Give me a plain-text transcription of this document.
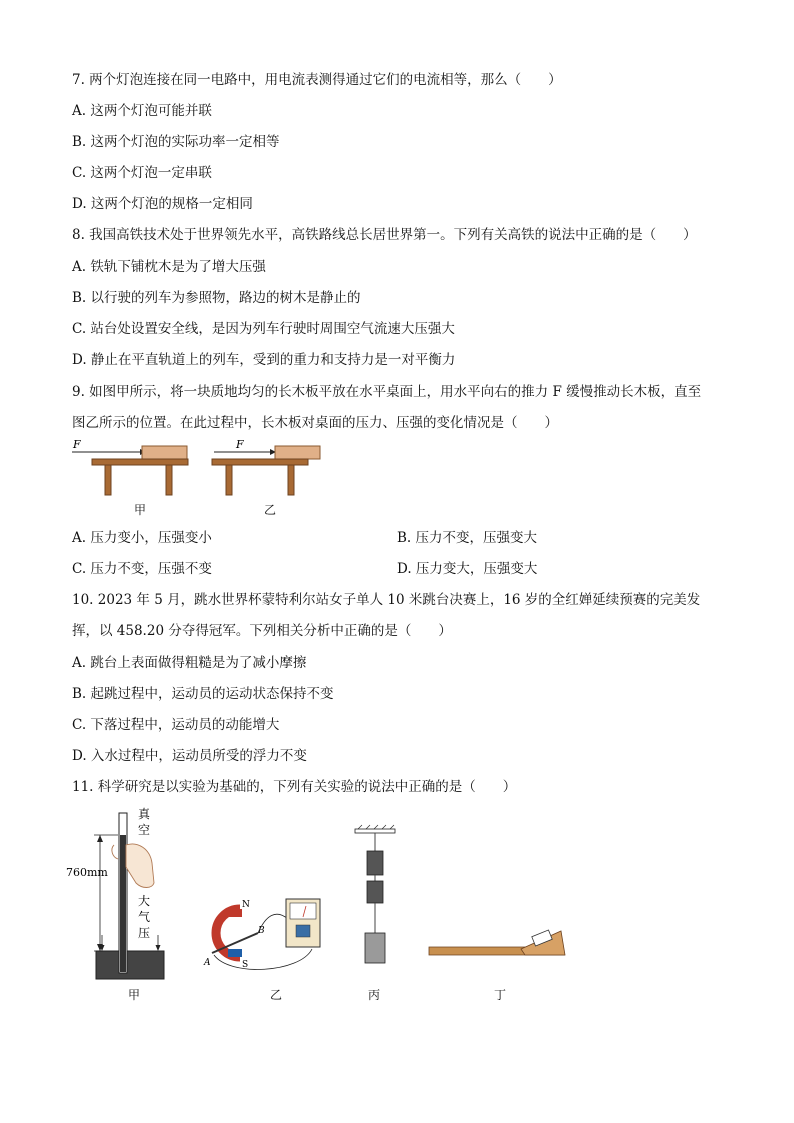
7. 两个灯泡连接在同一电路中，用电流表测得通过它们的电流相等，那么（　　）
A. 这两个灯泡可能并联
B. 这两个灯泡的实际功率一定相等
C. 这两个灯泡一定串联
D. 这两个灯泡的规格一定相同
8. 我国高铁技术处于世界领先水平，高铁路线总长居世界第一。下列有关高铁的说法中正确的是（　　）
A. 铁轨下铺枕木是为了增大压强
B. 以行驶的列车为参照物，路边的树木是静止的
C. 站台处设置安全线，是因为列车行驶时周围空气流速大压强大
D. 静止在平直轨道上的列车，受到的重力和支持力是一对平衡力
9. 如图甲所示，将一块质地均匀的长木板平放在水平桌面上，用水平向右的推力 F 缓慢推动长木板，直至
图乙所示的位置。在此过程中，长木板对桌面的压力、压强的变化情况是（　　）
F
甲
F
乙
A. 压力变小，压强变小	B. 压力不变，压强变大
C. 压力不变，压强不变	D. 压力变大，压强变大
10. 2023 年 5 月，跳水世界杯蒙特利尔站女子单人 10 米跳台决赛上，16 岁的全红婵延续预赛的完美发
挥，以 458.20 分夺得冠军。下列相关分析中正确的是（　　）
A. 跳台上表面做得粗糙是为了减小摩擦
B. 起跳过程中，运动员的运动状态保持不变
C. 下落过程中，运动员的动能增大
D. 入水过程中，运动员所受的浮力不变
11. 科学研究是以实验为基础的，下列有关实验的说法中正确的是（　　）
760mm
真
空
大
气
压
甲
N
S
A
B
乙	丙	丁
